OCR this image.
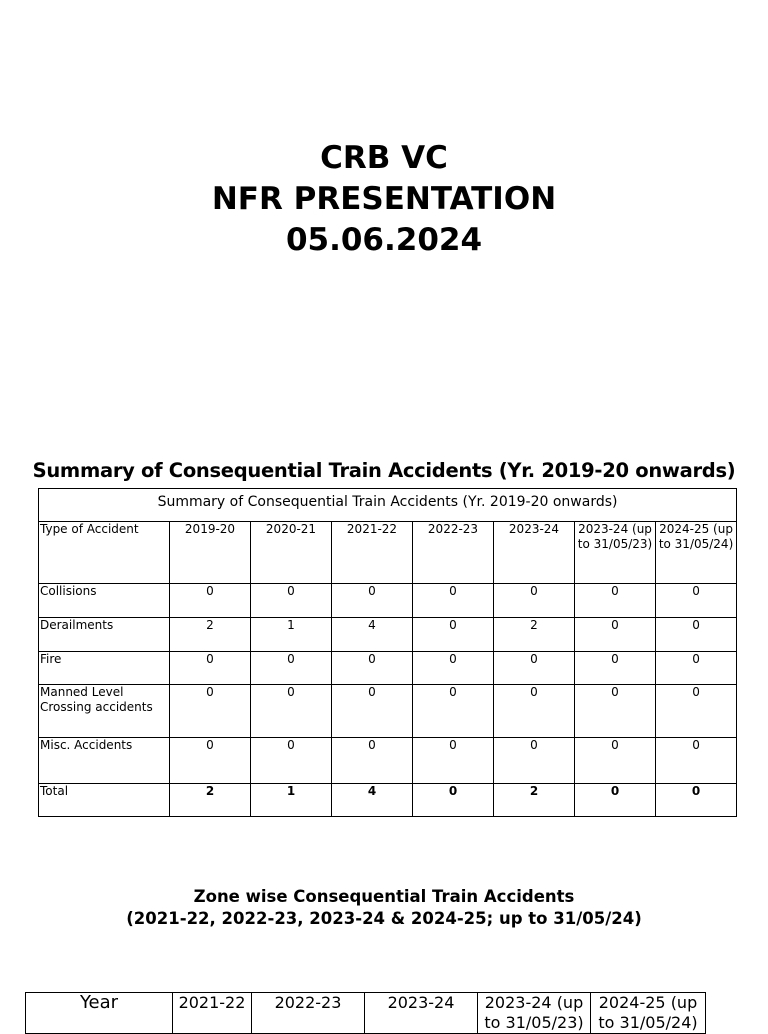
CRB VC
NFR PRESENTATION
05.06.2024
Summary of Consequential Train Accidents (Yr. 2019-20 onwards)
Summary of Consequential Train Accidents (Yr. 2019-20 onwards)							
Type of Accident	2019-20	2020-21	2021-22	2022-23	2023-24	2023-24 (up to 31/05/23)	2024-25 (up to 31/05/24)
Collisions	0	0	0	0	0	0	0
Derailments	2	1	4	0	2	0	0
Fire	0	0	0	0	0	0	0
Manned Level Crossing accidents	0	0	0	0	0	0	0
Misc. Accidents	0	0	0	0	0	0	0
Total	2	1	4	0	2	0	0
Zone wise Consequential Train Accidents
(2021-22, 2022-23, 2023-24 & 2024-25; up to 31/05/24)
Year	2021-22	2022-23	2023-24	2023-24 (up to 31/05/23)	2024-25 (up to 31/05/24)
